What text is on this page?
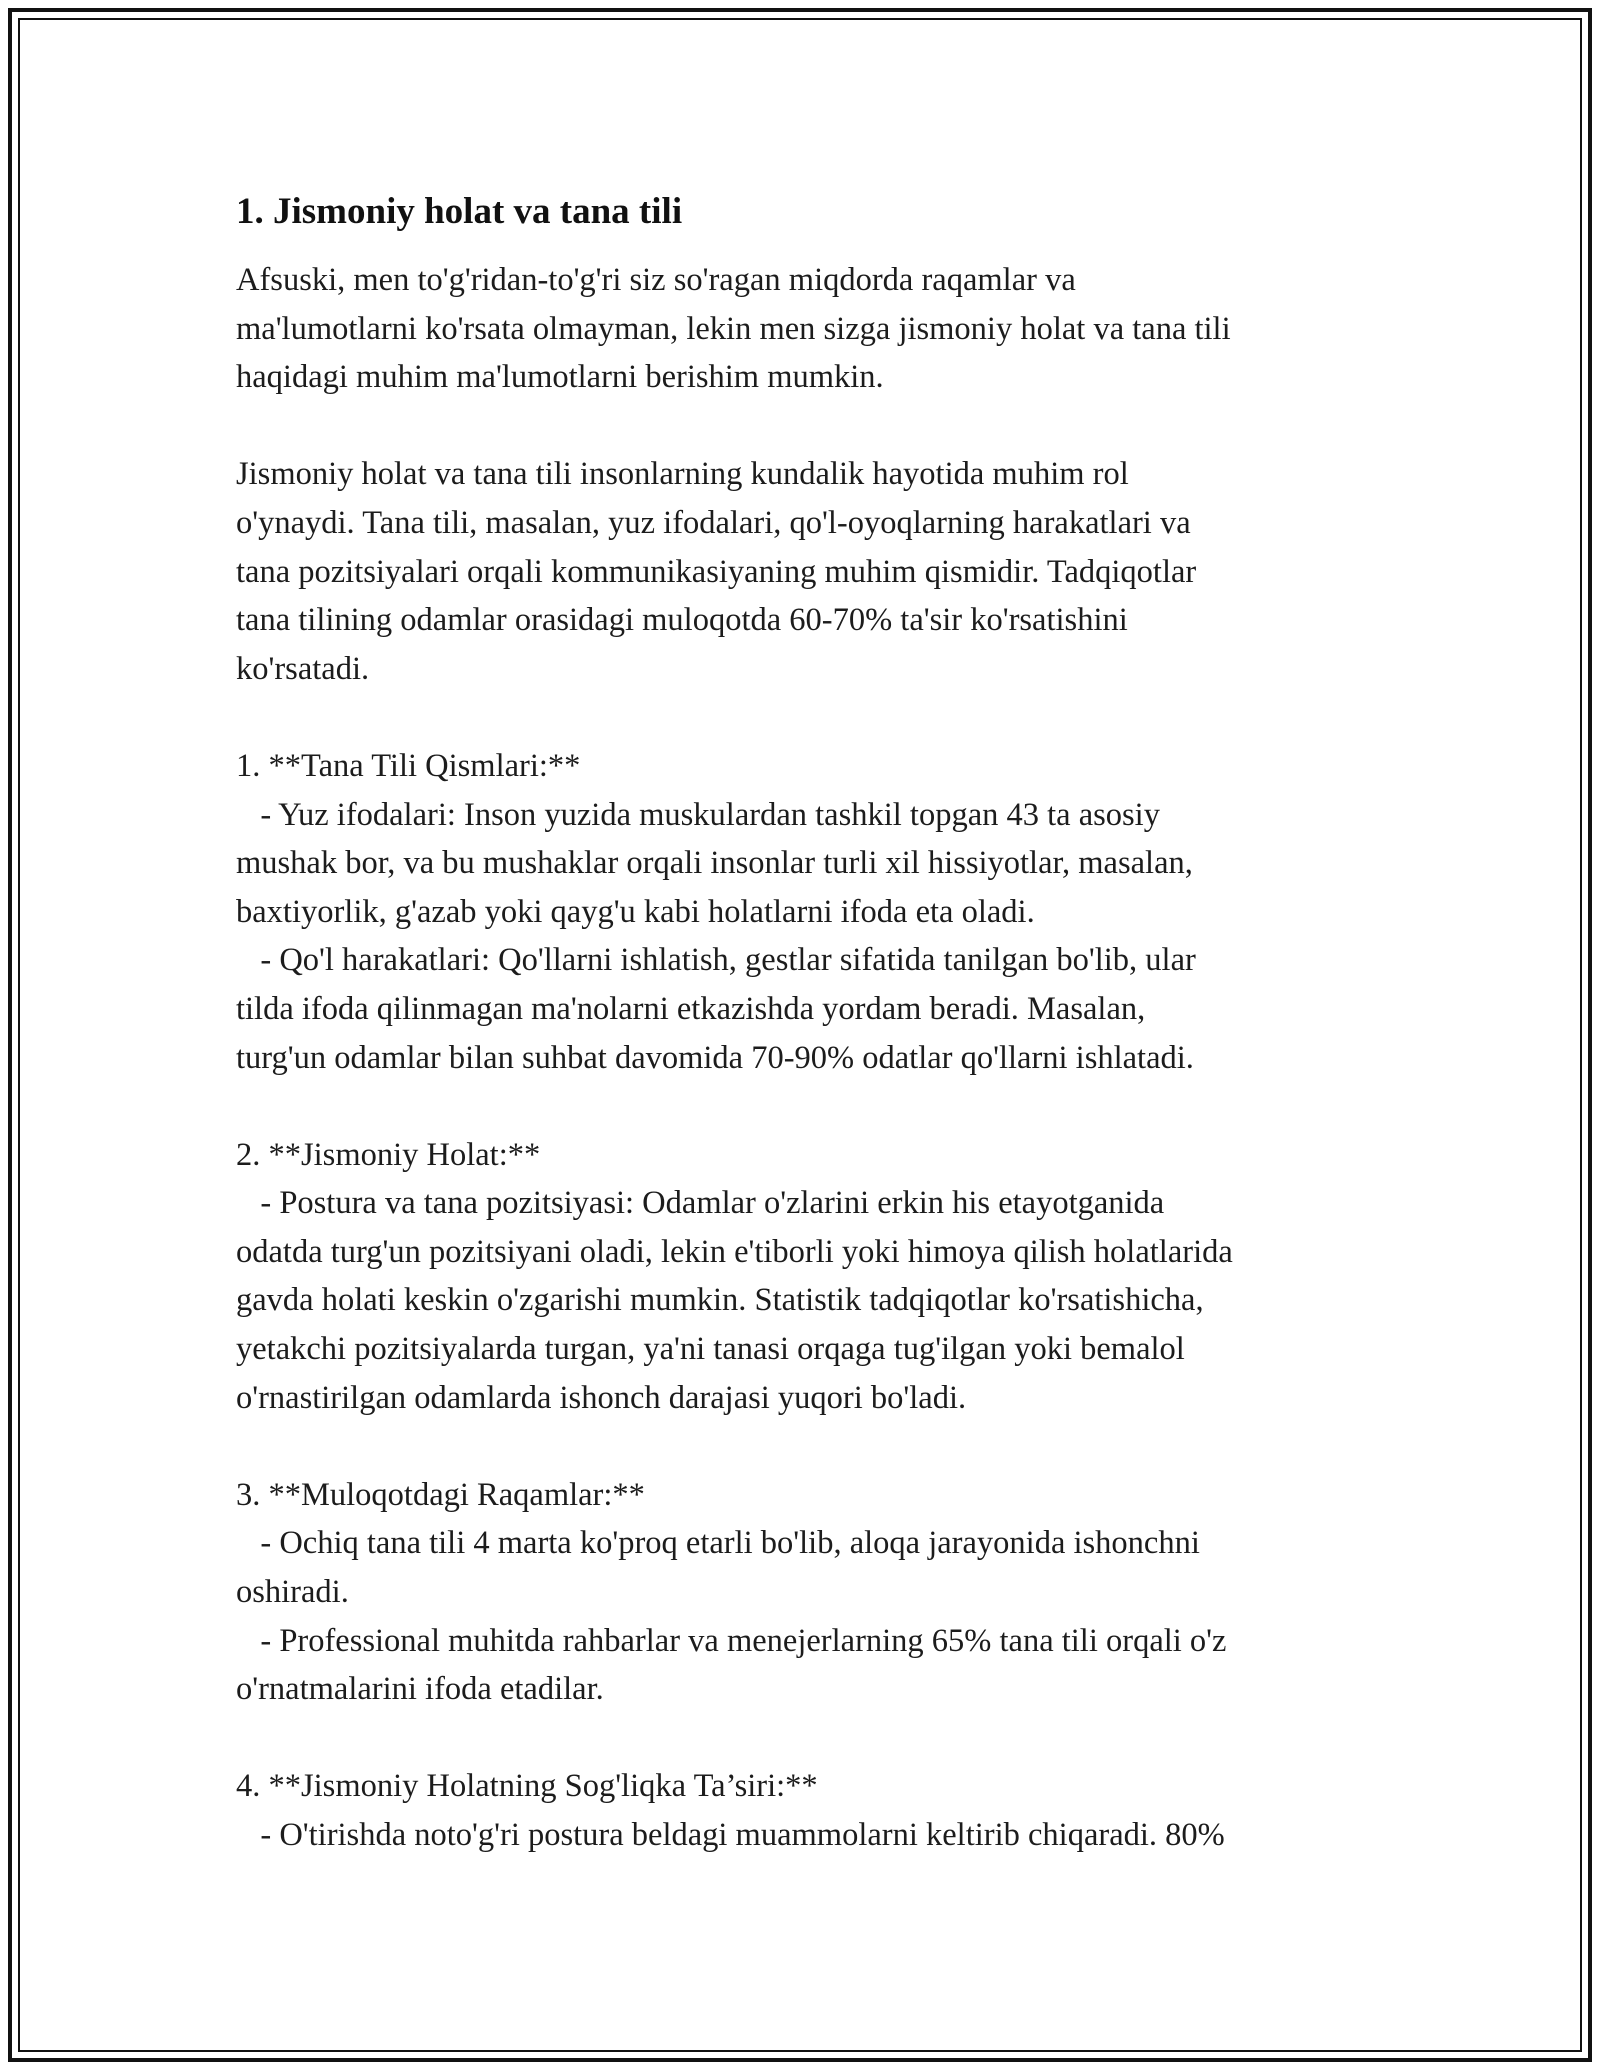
1. Jismoniy holat va tana tili

Afsuski, men to'g'ridan-to'g'ri siz so'ragan miqdorda raqamlar va
ma'lumotlarni ko'rsata olmayman, lekin men sizga jismoniy holat va tana tili
haqidagi muhim ma'lumotlarni berishim mumkin.

Jismoniy holat va tana tili insonlarning kundalik hayotida muhim rol
o'ynaydi. Tana tili, masalan, yuz ifodalari, qo'l-oyoqlarning harakatlari va
tana pozitsiyalari orqali kommunikasiyaning muhim qismidir. Tadqiqotlar
tana tilining odamlar orasidagi muloqotda 60-70% ta'sir ko'rsatishini
ko'rsatadi.

1. **Tana Tili Qismlari:**
- Yuz ifodalari: Inson yuzida muskulardan tashkil topgan 43 ta asosiy
mushak bor, va bu mushaklar orqali insonlar turli xil hissiyotlar, masalan,
baxtiyorlik, g'azab yoki qayg'u kabi holatlarni ifoda eta oladi.
- Qo'l harakatlari: Qo'llarni ishlatish, gestlar sifatida tanilgan bo'lib, ular
tilda ifoda qilinmagan ma'nolarni etkazishda yordam beradi. Masalan,
turg'un odamlar bilan suhbat davomida 70-90% odatlar qo'llarni ishlatadi.

2. **Jismoniy Holat:**
- Postura va tana pozitsiyasi: Odamlar o'zlarini erkin his etayotganida
odatda turg'un pozitsiyani oladi, lekin e'tiborli yoki himoya qilish holatlarida
gavda holati keskin o'zgarishi mumkin. Statistik tadqiqotlar ko'rsatishicha,
yetakchi pozitsiyalarda turgan, ya'ni tanasi orqaga tug'ilgan yoki bemalol
o'rnastirilgan odamlarda ishonch darajasi yuqori bo'ladi.

3. **Muloqotdagi Raqamlar:**
- Ochiq tana tili 4 marta ko'proq etarli bo'lib, aloqa jarayonida ishonchni
oshiradi.
- Professional muhitda rahbarlar va menejerlarning 65% tana tili orqali o'z
o'rnatmalarini ifoda etadilar.

4. **Jismoniy Holatning Sog'liqka Ta’siri:**
- O'tirishda noto'g'ri postura beldagi muammolarni keltirib chiqaradi. 80%
